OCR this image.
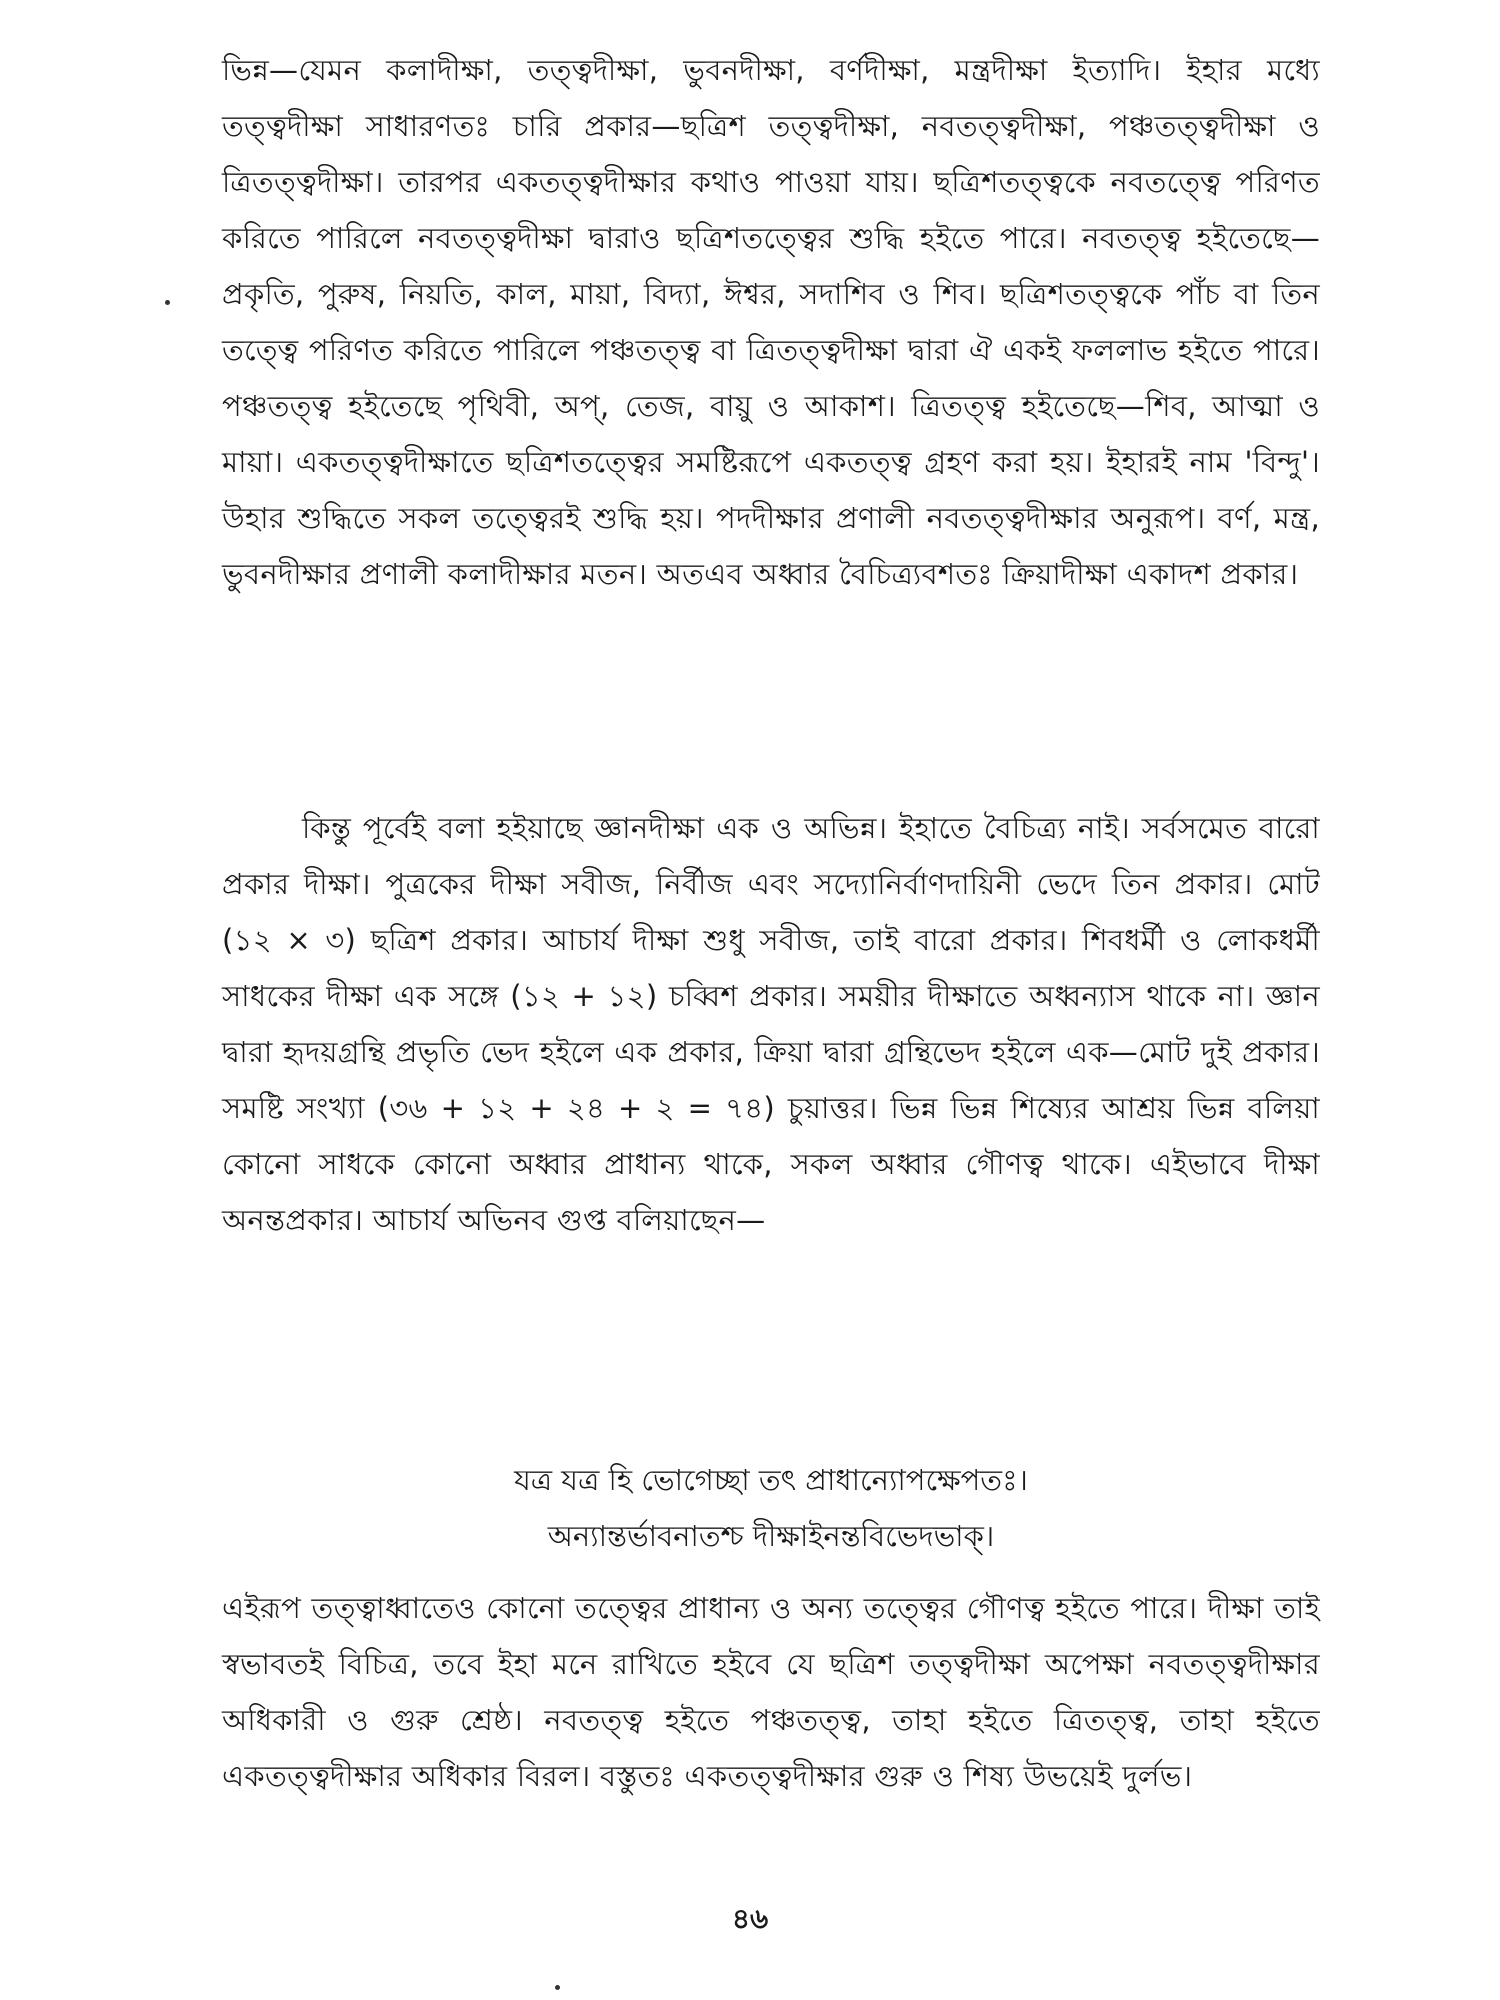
ভিন্ন—যেমন কলাদীক্ষা, তত্ত্বদীক্ষা, ভুবনদীক্ষা, বর্ণদীক্ষা, মন্ত্রদীক্ষা ইত্যাদি। ইহার মধ্যে তত্ত্বদীক্ষা সাধারণতঃ চারি প্রকার—ছত্রিশ তত্ত্বদীক্ষা, নবতত্ত্বদীক্ষা, পঞ্চতত্ত্বদীক্ষা ও ত্রিতত্ত্বদীক্ষা। তারপর একতত্ত্বদীক্ষার কথাও পাওয়া যায়। ছত্রিশতত্ত্বকে নবতত্ত্বে পরিণত করিতে পারিলে নবতত্ত্বদীক্ষা দ্বারাও ছত্রিশতত্ত্বের শুদ্ধি হইতে পারে। নবতত্ত্ব হইতেছে—প্রকৃতি, পুরুষ, নিয়তি, কাল, মায়া, বিদ্যা, ঈশ্বর, সদাশিব ও শিব। ছত্রিশতত্ত্বকে পাঁচ বা তিন তত্ত্বে পরিণত করিতে পারিলে পঞ্চতত্ত্ব বা ত্রিতত্ত্বদীক্ষা দ্বারা ঐ একই ফললাভ হইতে পারে। পঞ্চতত্ত্ব হইতেছে পৃথিবী, অপ্, তেজ, বায়ু ও আকাশ। ত্রিতত্ত্ব হইতেছে—শিব, আত্মা ও মায়া। একতত্ত্বদীক্ষাতে ছত্রিশতত্ত্বের সমষ্টিরূপে একতত্ত্ব গ্রহণ করা হয়। ইহারই নাম 'বিন্দু'। উহার শুদ্ধিতে সকল তত্ত্বেরই শুদ্ধি হয়। পদদীক্ষার প্রণালী নবতত্ত্বদীক্ষার অনুরূপ। বর্ণ, মন্ত্র, ভুবনদীক্ষার প্রণালী কলাদীক্ষার মতন। অতএব অধ্বার বৈচিত্র্যবশতঃ ক্রিয়াদীক্ষা একাদশ প্রকার।

কিন্তু পূর্বেই বলা হইয়াছে জ্ঞানদীক্ষা এক ও অভিন্ন। ইহাতে বৈচিত্র্য নাই। সর্বসমেত বারো প্রকার দীক্ষা। পুত্রকের দীক্ষা সবীজ, নির্বীজ এবং সদ্যোনির্বাণদায়িনী ভেদে তিন প্রকার। মোট (১২ × ৩) ছত্রিশ প্রকার। আচার্য দীক্ষা শুধু সবীজ, তাই বারো প্রকার। শিবধর্মী ও লোকধর্মী সাধকের দীক্ষা এক সঙ্গে (১২ + ১২) চব্বিশ প্রকার। সময়ীর দীক্ষাতে অধ্বন্যাস থাকে না। জ্ঞান দ্বারা হৃদয়গ্রন্থি প্রভৃতি ভেদ হইলে এক প্রকার, ক্রিয়া দ্বারা গ্রন্থিভেদ হইলে এক—মোট দুই প্রকার। সমষ্টি সংখ্যা (৩৬ + ১২ + ২৪ + ২ = ৭৪) চুয়াত্তর। ভিন্ন ভিন্ন শিষ্যের আশ্রয় ভিন্ন বলিয়া কোনো সাধকে কোনো অধ্বার প্রাধান্য থাকে, সকল অধ্বার গৌণত্ব থাকে। এইভাবে দীক্ষা অনন্তপ্রকার। আচার্য অভিনব গুপ্ত বলিয়াছেন—

যত্র যত্র হি ভোগেচ্ছা তৎ প্রাধান্যোপক্ষেপতঃ।
অন্যান্তর্ভাবনাতশ্চ দীক্ষাইনন্তবিভেদভাক্।

এইরূপ তত্ত্বাধ্বাতেও কোনো তত্ত্বের প্রাধান্য ও অন্য তত্ত্বের গৌণত্ব হইতে পারে। দীক্ষা তাই স্বভাবতই বিচিত্র, তবে ইহা মনে রাখিতে হইবে যে ছত্রিশ তত্ত্বদীক্ষা অপেক্ষা নবতত্ত্বদীক্ষার অধিকারী ও গুরু শ্রেষ্ঠ। নবতত্ত্ব হইতে পঞ্চতত্ত্ব, তাহা হইতে ত্রিতত্ত্ব, তাহা হইতে একতত্ত্বদীক্ষার অধিকার বিরল। বস্তুতঃ একতত্ত্বদীক্ষার গুরু ও শিষ্য উভয়েই দুর্লভ।

৪৬
